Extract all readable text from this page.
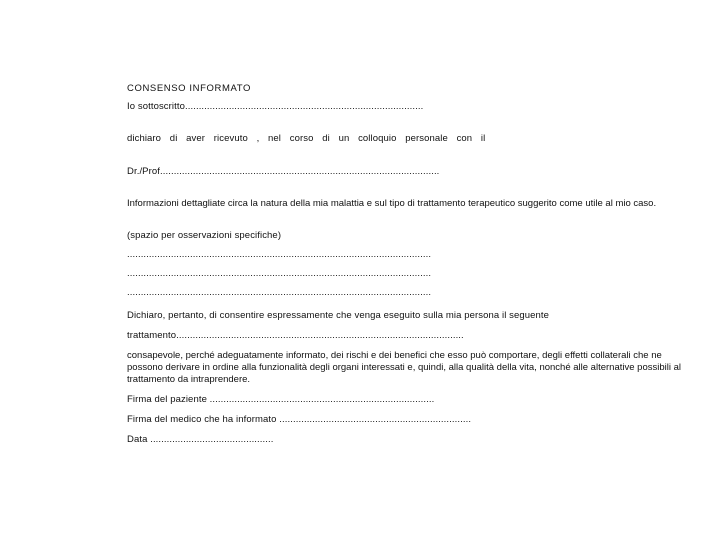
CONSENSO INFORMATO
Io sottoscritto.......................................................................................
dichiaro di aver ricevuto , nel corso di un colloquio personale con il
Dr./Prof......................................................................................................
Informazioni dettagliate circa la natura della mia malattia e sul tipo di trattamento terapeutico suggerito come utile al mio caso.
(spazio per osservazioni specifiche)
...............................................................................................................
...............................................................................................................
...............................................................................................................
Dichiaro, pertanto, di consentire espressamente che venga eseguito sulla mia persona il seguente
trattamento.........................................................................................................
consapevole, perché adeguatamente informato, dei rischi e dei benefici che esso può comportare, degli effetti collaterali che ne possono derivare in ordine alla funzionalità degli organi interessati e, quindi, alla qualità della vita, nonché alle alternative possibili al trattamento da intraprendere.
Firma del paziente ..................................................................................
Firma del medico che ha informato ......................................................................
Data .............................................
